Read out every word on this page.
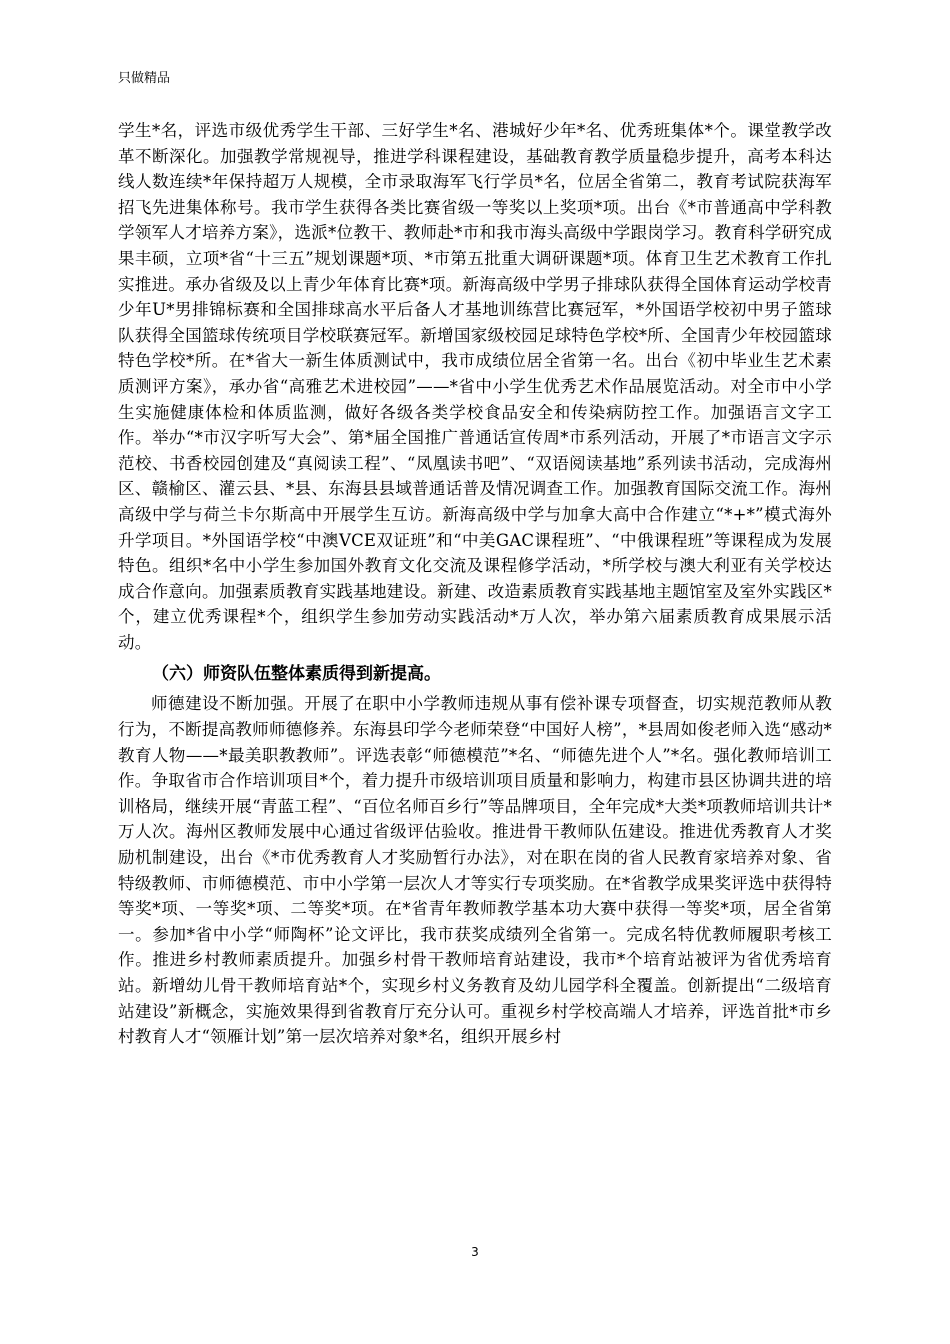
只做精品

学生*名，评选市级优秀学生干部、三好学生*名、港城好少年*名、优秀班集体*个。课堂教学改革不断深化。加强教学常规视导，推进学科课程建设，基础教育教学质量稳步提升，高考本科达线人数连续*年保持超万人规模，全市录取海军飞行学员*名，位居全省第二，教育考试院获海军招飞先进集体称号。我市学生获得各类比赛省级一等奖以上奖项*项。出台《*市普通高中学科教学领军人才培养方案》，选派*位教干、教师赴*市和我市海头高级中学跟岗学习。教育科学研究成果丰硕，立项*省“十三五”规划课题*项、*市第五批重大调研课题*项。体育卫生艺术教育工作扎实推进。承办省级及以上青少年体育比赛*项。新海高级中学男子排球队获得全国体育运动学校青少年U*男排锦标赛和全国排球高水平后备人才基地训练营比赛冠军，*外国语学校初中男子篮球队获得全国篮球传统项目学校联赛冠军。新增国家级校园足球特色学校*所、全国青少年校园篮球特色学校*所。在*省大一新生体质测试中，我市成绩位居全省第一名。出台《初中毕业生艺术素质测评方案》，承办省“高雅艺术进校园”——*省中小学生优秀艺术作品展览活动。对全市中小学生实施健康体检和体质监测，做好各级各类学校食品安全和传染病防控工作。加强语言文字工作。举办“*市汉字听写大会”、第*届全国推广普通话宣传周*市系列活动，开展了*市语言文字示范校、书香校园创建及“真阅读工程”、“凤凰读书吧”、“双语阅读基地”系列读书活动，完成海州区、赣榆区、灌云县、*县、东海县县域普通话普及情况调查工作。加强教育国际交流工作。海州高级中学与荷兰卡尔斯高中开展学生互访。新海高级中学与加拿大高中合作建立“*+*”模式海外升学项目。*外国语学校“中澳VCE双证班”和“中美GAC课程班”、“中俄课程班”等课程成为发展特色。组织*名中小学生参加国外教育文化交流及课程修学活动，*所学校与澳大利亚有关学校达成合作意向。加强素质教育实践基地建设。新建、改造素质教育实践基地主题馆室及室外实践区*个，建立优秀课程*个，组织学生参加劳动实践活动*万人次，举办第六届素质教育成果展示活动。

（六）师资队伍整体素质得到新提高。

师德建设不断加强。开展了在职中小学教师违规从事有偿补课专项督查，切实规范教师从教行为，不断提高教师师德修养。东海县印学今老师荣登“中国好人榜”，*县周如俊老师入选“感动*教育人物——*最美职教教师”。评选表彰“师德模范”*名、“师德先进个人”*名。强化教师培训工作。争取省市合作培训项目*个，着力提升市级培训项目质量和影响力，构建市县区协调共进的培训格局，继续开展“青蓝工程”、“百位名师百乡行”等品牌项目，全年完成*大类*项教师培训共计*万人次。海州区教师发展中心通过省级评估验收。推进骨干教师队伍建设。推进优秀教育人才奖励机制建设，出台《*市优秀教育人才奖励暂行办法》，对在职在岗的省人民教育家培养对象、省特级教师、市师德模范、市中小学第一层次人才等实行专项奖励。在*省教学成果奖评选中获得特等奖*项、一等奖*项、二等奖*项。在*省青年教师教学基本功大赛中获得一等奖*项，居全省第一。参加*省中小学“师陶杯”论文评比，我市获奖成绩列全省第一。完成名特优教师履职考核工作。推进乡村教师素质提升。加强乡村骨干教师培育站建设，我市*个培育站被评为省优秀培育站。新增幼儿骨干教师培育站*个，实现乡村义务教育及幼儿园学科全覆盖。创新提出“二级培育站建设”新概念，实施效果得到省教育厅充分认可。重视乡村学校高端人才培养，评选首批*市乡村教育人才“领雁计划”第一层次培养对象*名，组织开展乡村

3
